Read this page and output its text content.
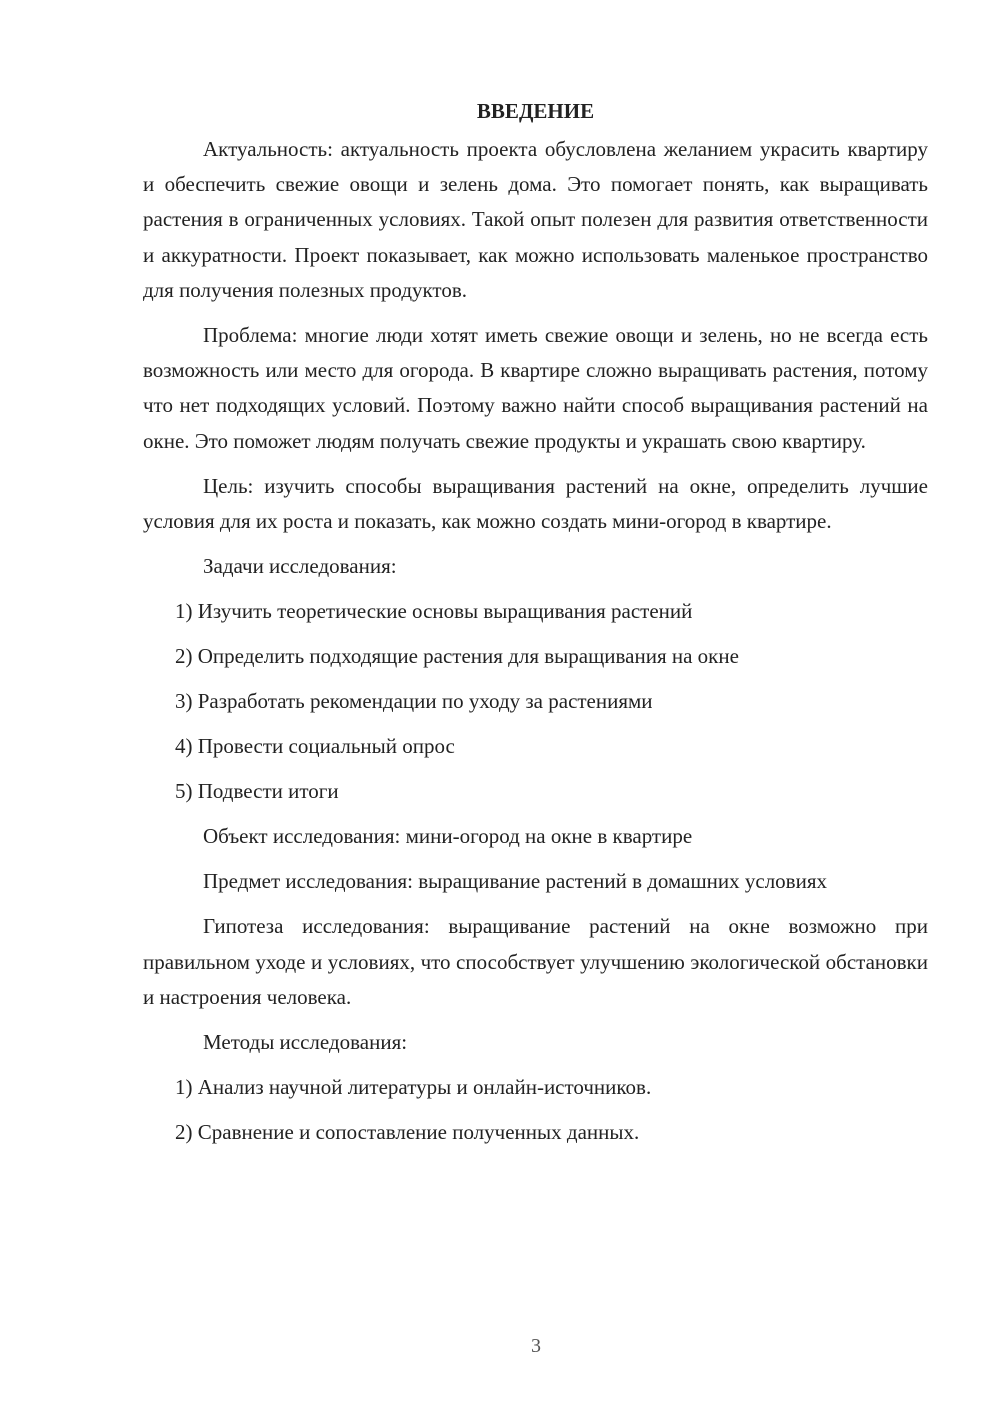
ВВЕДЕНИЕ

Актуальность: актуальность проекта обусловлена желанием украсить квартиру и обеспечить свежие овощи и зелень дома. Это помогает понять, как выращивать растения в ограниченных условиях. Такой опыт полезен для развития ответственности и аккуратности. Проект показывает, как можно использовать маленькое пространство для получения полезных продуктов.

Проблема: многие люди хотят иметь свежие овощи и зелень, но не всегда есть возможность или место для огорода. В квартире сложно выращивать растения, потому что нет подходящих условий. Поэтому важно найти способ выращивания растений на окне. Это поможет людям получать свежие продукты и украшать свою квартиру.

Цель: изучить способы выращивания растений на окне, определить лучшие условия для их роста и показать, как можно создать мини-огород в квартире.

Задачи исследования:
1) Изучить теоретические основы выращивания растений
2) Определить подходящие растения для выращивания на окне
3) Разработать рекомендации по уходу за растениями
4) Провести социальный опрос
5) Подвести итоги
Объект исследования: мини-огород на окне в квартире

Предмет исследования: выращивание растений в домашних условиях

Гипотеза исследования: выращивание растений на окне возможно при правильном уходе и условиях, что способствует улучшению экологической обстановки и настроения человека.

Методы исследования:
1) Анализ научной литературы и онлайн-источников.
2) Сравнение и сопоставление полученных данных.
3
